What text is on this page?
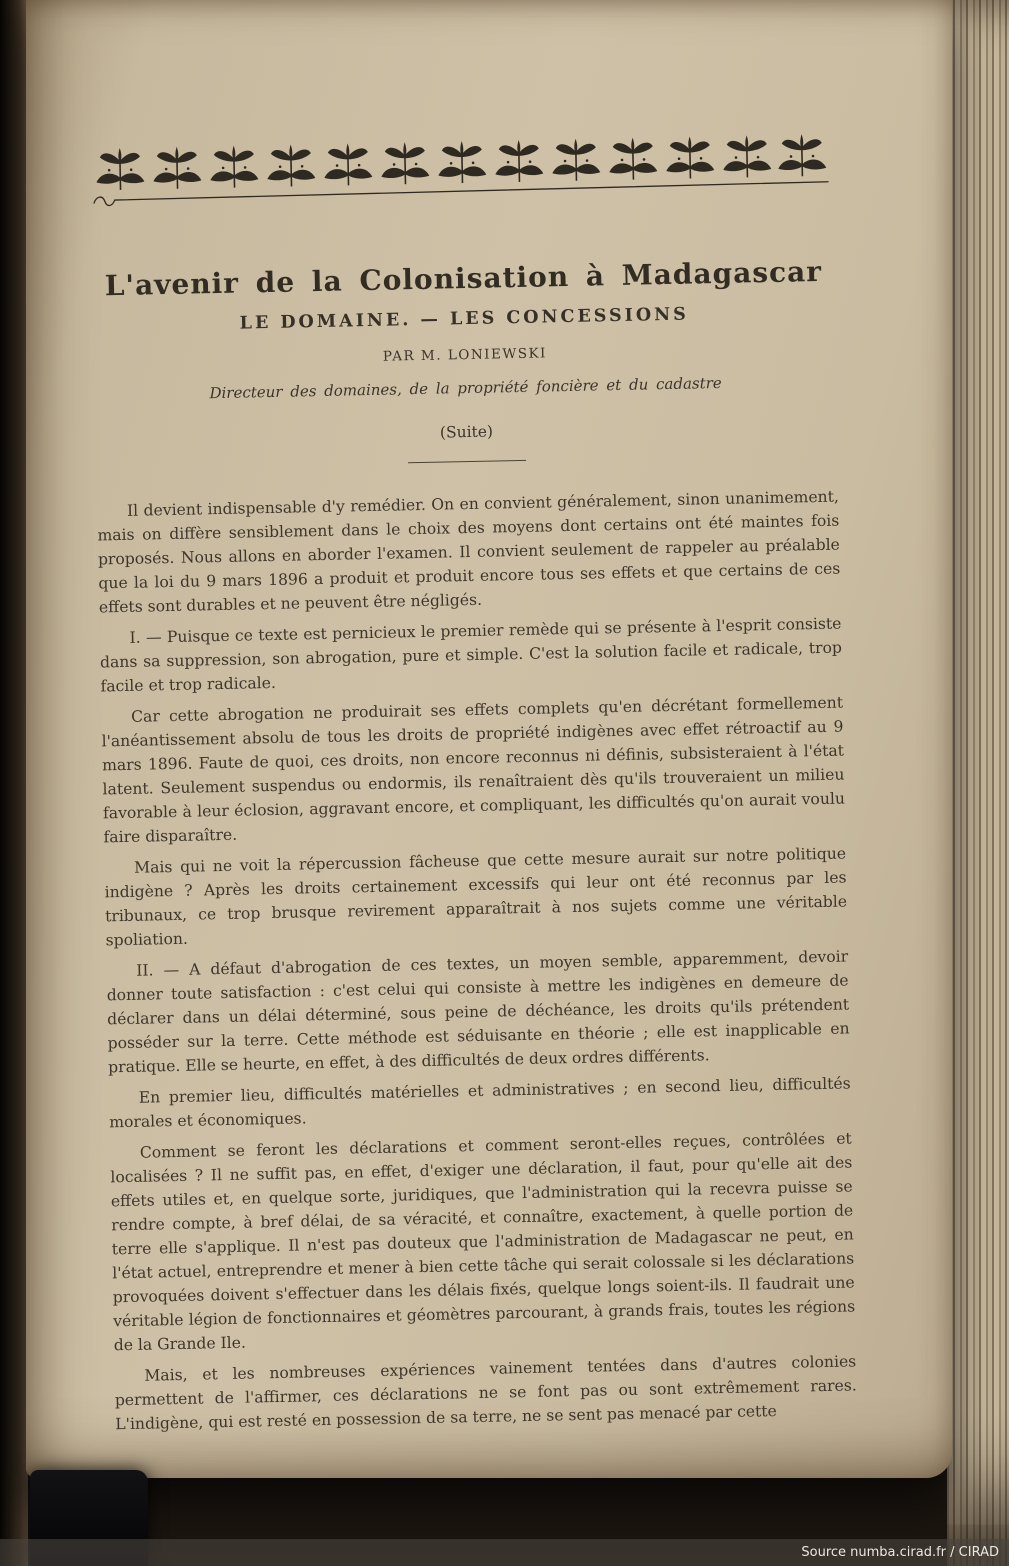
L'avenir de la Colonisation à Madagascar
LE DOMAINE. — LES CONCESSIONS
PAR M. LONIEWSKI
Directeur des domaines, de la propriété foncière et du cadastre
(Suite)

Il devient indispensable d'y remédier. On en convient généralement, sinon unanimement, mais on diffère sensiblement dans le choix des moyens dont certains ont été maintes fois proposés. Nous allons en aborder l'examen. Il convient seulement de rappeler au préalable que la loi du 9 mars 1896 a produit et produit encore tous ses effets et que certains de ces effets sont durables et ne peuvent être négligés.

I. — Puisque ce texte est pernicieux le premier remède qui se présente à l'esprit consiste dans sa suppression, son abrogation, pure et simple. C'est la solution facile et radicale, trop facile et trop radicale.

Car cette abrogation ne produirait ses effets complets qu'en décrétant formellement l'anéantissement absolu de tous les droits de propriété indigènes avec effet rétroactif au 9 mars 1896. Faute de quoi, ces droits, non encore reconnus ni définis, subsisteraient à l'état latent. Seulement suspendus ou endormis, ils renaîtraient dès qu'ils trouveraient un milieu favorable à leur éclosion, aggravant encore, et compliquant, les difficultés qu'on aurait voulu faire disparaître.

Mais qui ne voit la répercussion fâcheuse que cette mesure aurait sur notre politique indigène ? Après les droits certainement excessifs qui leur ont été reconnus par les tribunaux, ce trop brusque revirement apparaîtrait à nos sujets comme une véritable spoliation.

II. — A défaut d'abrogation de ces textes, un moyen semble, apparemment, devoir donner toute satisfaction : c'est celui qui consiste à mettre les indigènes en demeure de déclarer dans un délai déterminé, sous peine de déchéance, les droits qu'ils prétendent posséder sur la terre. Cette méthode est séduisante en théorie ; elle est inapplicable en pratique. Elle se heurte, en effet, à des difficultés de deux ordres différents.

En premier lieu, difficultés matérielles et administratives ; en second lieu, difficultés morales et économiques.

Comment se feront les déclarations et comment seront-elles reçues, contrôlées et localisées ? Il ne suffit pas, en effet, d'exiger une déclaration, il faut, pour qu'elle ait des effets utiles et, en quelque sorte, juridiques, que l'administration qui la recevra puisse se rendre compte, à bref délai, de sa véracité, et connaître, exactement, à quelle portion de terre elle s'applique. Il n'est pas douteux que l'administration de Madagascar ne peut, en l'état actuel, entreprendre et mener à bien cette tâche qui serait colossale si les déclarations provoquées doivent s'effectuer dans les délais fixés, quelque longs soient-ils. Il faudrait une véritable légion de fonctionnaires et géomètres parcourant, à grands frais, toutes les régions de la Grande Ile.

Mais, et les nombreuses expériences vainement tentées dans d'autres colonies permettent de l'affirmer, ces déclarations ne se font pas ou sont extrêmement rares. L'indigène, qui est resté en possession de sa terre, ne se sent pas menacé par cette

Source numba.cirad.fr / CIRAD
